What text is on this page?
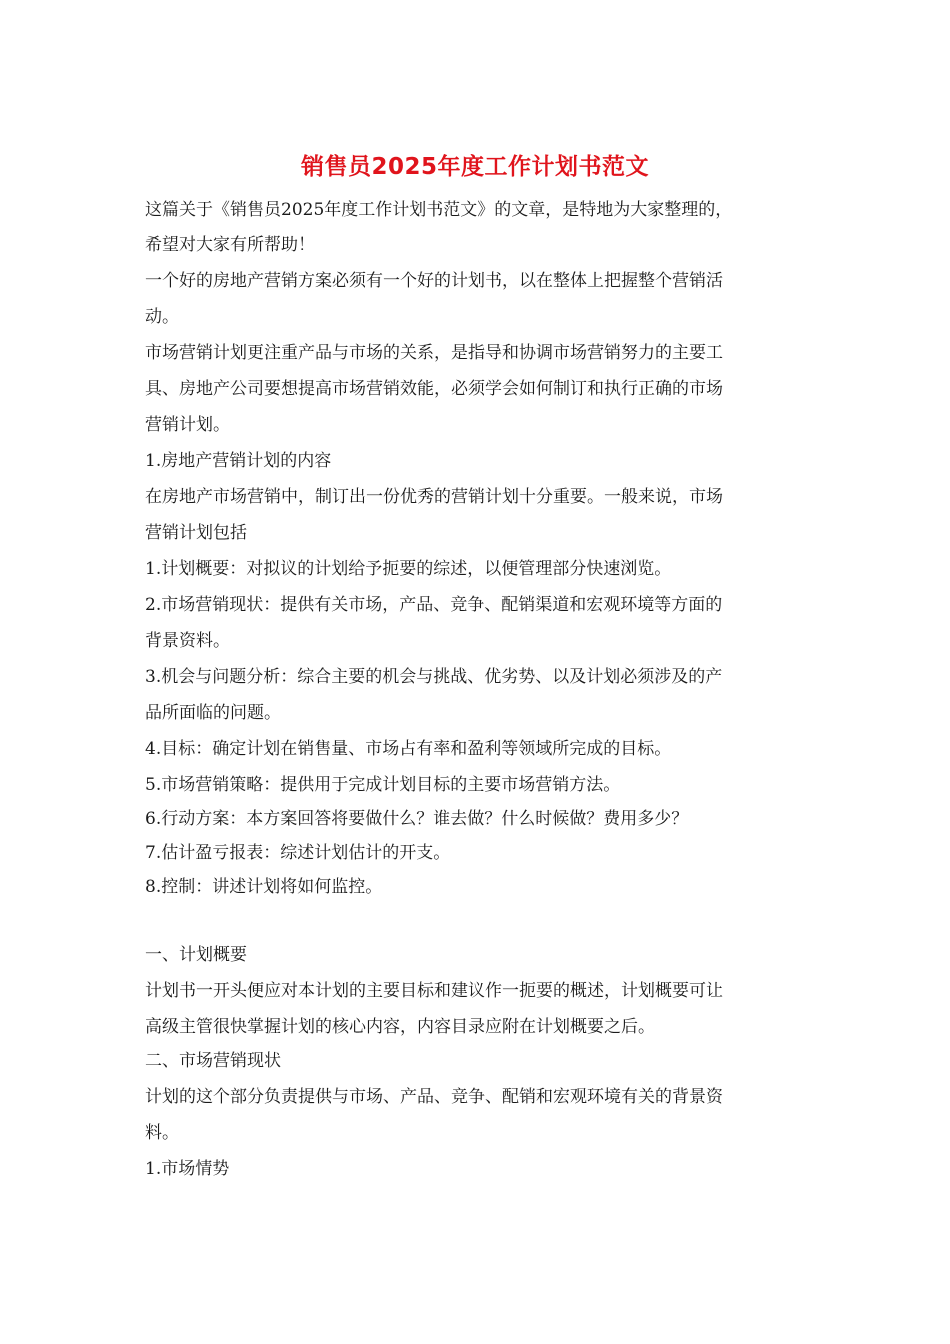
销售员2025年度工作计划书范文
这篇关于《销售员2025年度工作计划书范文》的文章，是特地为大家整理的，
希望对大家有所帮助！
一个好的房地产营销方案必须有一个好的计划书，以在整体上把握整个营销活
动。
市场营销计划更注重产品与市场的关系，是指导和协调市场营销努力的主要工
具、房地产公司要想提高市场营销效能，必须学会如何制订和执行正确的市场
营销计划。
1.房地产营销计划的内容
在房地产市场营销中，制订出一份优秀的营销计划十分重要。一般来说，市场
营销计划包括
1.计划概要：对拟议的计划给予扼要的综述，以便管理部分快速浏览。
2.市场营销现状：提供有关市场，产品、竞争、配销渠道和宏观环境等方面的
背景资料。
3.机会与问题分析：综合主要的机会与挑战、优劣势、以及计划必须涉及的产
品所面临的问题。
4.目标：确定计划在销售量、市场占有率和盈利等领域所完成的目标。
5.市场营销策略：提供用于完成计划目标的主要市场营销方法。
6.行动方案：本方案回答将要做什么？谁去做？什么时候做？费用多少？
7.估计盈亏报表：综述计划估计的开支。
8.控制：讲述计划将如何监控。
一、计划概要
计划书一开头便应对本计划的主要目标和建议作一扼要的概述，计划概要可让
高级主管很快掌握计划的核心内容，内容目录应附在计划概要之后。
二、市场营销现状
计划的这个部分负责提供与市场、产品、竞争、配销和宏观环境有关的背景资
料。
1.市场情势
